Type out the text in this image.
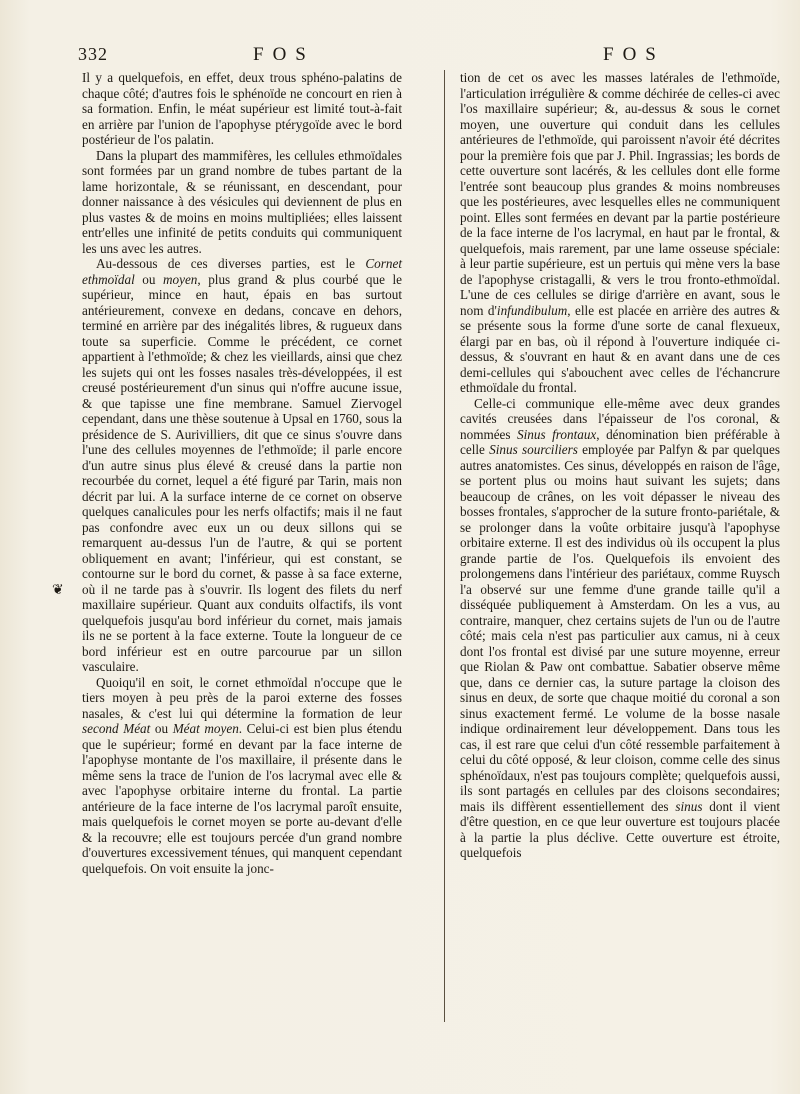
332	FOS	FOS
❦

Il y a quelquefois, en effet, deux trous sphéno-palatins de chaque côté; d'autres fois le sphénoïde ne concourt en rien à sa formation. Enfin, le méat supérieur est limité tout-à-fait en arrière par l'union de l'apophyse ptérygoïde avec le bord postérieur de l'os palatin.

Dans la plupart des mammifères, les cellules ethmoïdales sont formées par un grand nombre de tubes partant de la lame horizontale, & se réunissant, en descendant, pour donner naissance à des vésicules qui deviennent de plus en plus vastes & de moins en moins multipliées; elles laissent entr'elles une infinité de petits conduits qui communiquent les uns avec les autres.

Au-dessous de ces diverses parties, est le Cornet ethmoïdal ou moyen, plus grand & plus courbé que le supérieur, mince en haut, épais en bas surtout antérieurement, convexe en dedans, concave en dehors, terminé en arrière par des inégalités libres, & rugueux dans toute sa superficie. Comme le précédent, ce cornet appartient à l'ethmoïde; & chez les vieillards, ainsi que chez les sujets qui ont les fosses nasales très-développées, il est creusé postérieurement d'un sinus qui n'offre aucune issue, & que tapisse une fine membrane. Samuel Ziervogel cependant, dans une thèse soutenue à Upsal en 1760, sous la présidence de S. Aurivilliers, dit que ce sinus s'ouvre dans l'une des cellules moyennes de l'ethmoïde; il parle encore d'un autre sinus plus élevé & creusé dans la partie non recourbée du cornet, lequel a été figuré par Tarin, mais non décrit par lui. A la surface interne de ce cornet on observe quelques canalicules pour les nerfs olfactifs; mais il ne faut pas confondre avec eux un ou deux sillons qui se remarquent au-dessus l'un de l'autre, & qui se portent obliquement en avant; l'inférieur, qui est constant, se contourne sur le bord du cornet, & passe à sa face externe, où il ne tarde pas à s'ouvrir. Ils logent des filets du nerf maxillaire supérieur. Quant aux conduits olfactifs, ils vont quelquefois jusqu'au bord inférieur du cornet, mais jamais ils ne se portent à la face externe. Toute la longueur de ce bord inférieur est en outre parcourue par un sillon vasculaire.

Quoiqu'il en soit, le cornet ethmoïdal n'occupe que le tiers moyen à peu près de la paroi externe des fosses nasales, & c'est lui qui détermine la formation de leur second Méat ou Méat moyen. Celui-ci est bien plus étendu que le supérieur; formé en devant par la face interne de l'apophyse montante de l'os maxillaire, il présente dans le même sens la trace de l'union de l'os lacrymal avec elle & avec l'apophyse orbitaire interne du frontal. La partie antérieure de la face interne de l'os lacrymal paroît ensuite, mais quelquefois le cornet moyen se porte au-devant d'elle & la recouvre; elle est toujours percée d'un grand nombre d'ouvertures excessivement ténues, qui manquent cependant quelquefois. On voit ensuite la jonc-

tion de cet os avec les masses latérales de l'ethmoïde, l'articulation irrégulière & comme déchirée de celles-ci avec l'os maxillaire supérieur; &, au-dessus & sous le cornet moyen, une ouverture qui conduit dans les cellules antérieures de l'ethmoïde, qui paroissent n'avoir été décrites pour la première fois que par J. Phil. Ingrassias; les bords de cette ouverture sont lacérés, & les cellules dont elle forme l'entrée sont beaucoup plus grandes & moins nombreuses que les postérieures, avec lesquelles elles ne communiquent point. Elles sont fermées en devant par la partie postérieure de la face interne de l'os lacrymal, en haut par le frontal, & quelquefois, mais rarement, par une lame osseuse spéciale: à leur partie supérieure, est un pertuis qui mène vers la base de l'apophyse cristagalli, & vers le trou fronto-ethmoïdal. L'une de ces cellules se dirige d'arrière en avant, sous le nom d'infundibulum, elle est placée en arrière des autres & se présente sous la forme d'une sorte de canal flexueux, élargi par en bas, où il répond à l'ouverture indiquée ci-dessus, & s'ouvrant en haut & en avant dans une de ces demi-cellules qui s'abouchent avec celles de l'échancrure ethmoïdale du frontal.

Celle-ci communique elle-même avec deux grandes cavités creusées dans l'épaisseur de l'os coronal, & nommées Sinus frontaux, dénomination bien préférable à celle Sinus sourciliers employée par Palfyn & par quelques autres anatomistes. Ces sinus, développés en raison de l'âge, se portent plus ou moins haut suivant les sujets; dans beaucoup de crânes, on les voit dépasser le niveau des bosses frontales, s'approcher de la suture fronto-pariétale, & se prolonger dans la voûte orbitaire jusqu'à l'apophyse orbitaire externe. Il est des individus où ils occupent la plus grande partie de l'os. Quelquefois ils envoient des prolongemens dans l'intérieur des pariétaux, comme Ruysch l'a observé sur une femme d'une grande taille qu'il a disséquée publiquement à Amsterdam. On les a vus, au contraire, manquer, chez certains sujets de l'un ou de l'autre côté; mais cela n'est pas particulier aux camus, ni à ceux dont l'os frontal est divisé par une suture moyenne, erreur que Riolan & Paw ont combattue. Sabatier observe même que, dans ce dernier cas, la suture partage la cloison des sinus en deux, de sorte que chaque moitié du coronal a son sinus exactement fermé. Le volume de la bosse nasale indique ordinairement leur développement. Dans tous les cas, il est rare que celui d'un côté ressemble parfaitement à celui du côté opposé, & leur cloison, comme celle des sinus sphénoïdaux, n'est pas toujours complète; quelquefois aussi, ils sont partagés en cellules par des cloisons secondaires; mais ils diffèrent essentiellement des sinus dont il vient d'être question, en ce que leur ouverture est toujours placée à la partie la plus déclive. Cette ouverture est étroite, quelquefois
